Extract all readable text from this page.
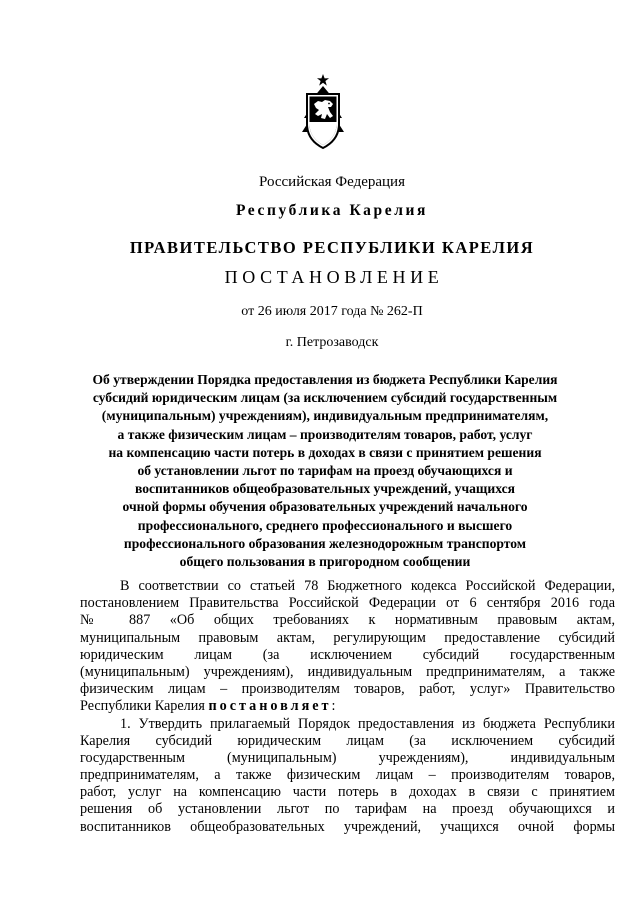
Российская Федерация
Республика Карелия
ПРАВИТЕЛЬСТВО РЕСПУБЛИКИ КАРЕЛИЯ
ПОСТАНОВЛЕНИЕ
от 26 июля 2017 года № 262-П
г. Петрозаводск
Об утверждении Порядка предоставления из бюджета Республики Карелия
субсидий юридическим лицам (за исключением субсидий государственным
(муниципальным) учреждениям), индивидуальным предпринимателям,
а также физическим лицам – производителям товаров, работ, услуг
на компенсацию части потерь в доходах в связи с принятием решения
об установлении льгот по тарифам на проезд обучающихся и
воспитанников общеобразовательных учреждений, учащихся
очной формы обучения образовательных учреждений начального
профессионального, среднего профессионального и высшего
профессионального образования железнодорожным транспортом
общего пользования в пригородном сообщении
В соответствии со статьей 78 Бюджетного кодекса Российской Федерации,
постановлением Правительства Российской Федерации от 6 сентября 2016 года
№ 887 «Об общих требованиях к нормативным правовым актам,
муниципальным правовым актам, регулирующим предоставление субсидий
юридическим лицам (за исключением субсидий государственным
(муниципальным) учреждениям), индивидуальным предпринимателям, а также
физическим лицам – производителям товаров, работ, услуг» Правительство
Республики Карелия постановляет:
1. Утвердить прилагаемый Порядок предоставления из бюджета Республики
Карелия субсидий юридическим лицам (за исключением субсидий
государственным (муниципальным) учреждениям), индивидуальным
предпринимателям, а также физическим лицам – производителям товаров,
работ, услуг на компенсацию части потерь в доходах в связи с принятием
решения об установлении льгот по тарифам на проезд обучающихся и
воспитанников общеобразовательных учреждений, учащихся очной формы
